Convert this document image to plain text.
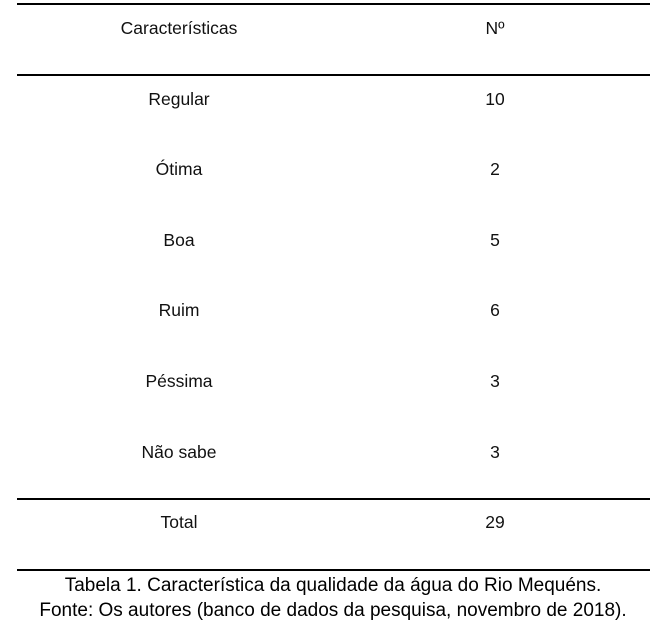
Características	Nº
Regular	10
Ótima	2
Boa	5
Ruim	6
Péssima	3
Não sabe	3
Total	29
Tabela 1. Característica da qualidade da água do Rio Mequéns.
Fonte: Os autores (banco de dados da pesquisa, novembro de 2018).
